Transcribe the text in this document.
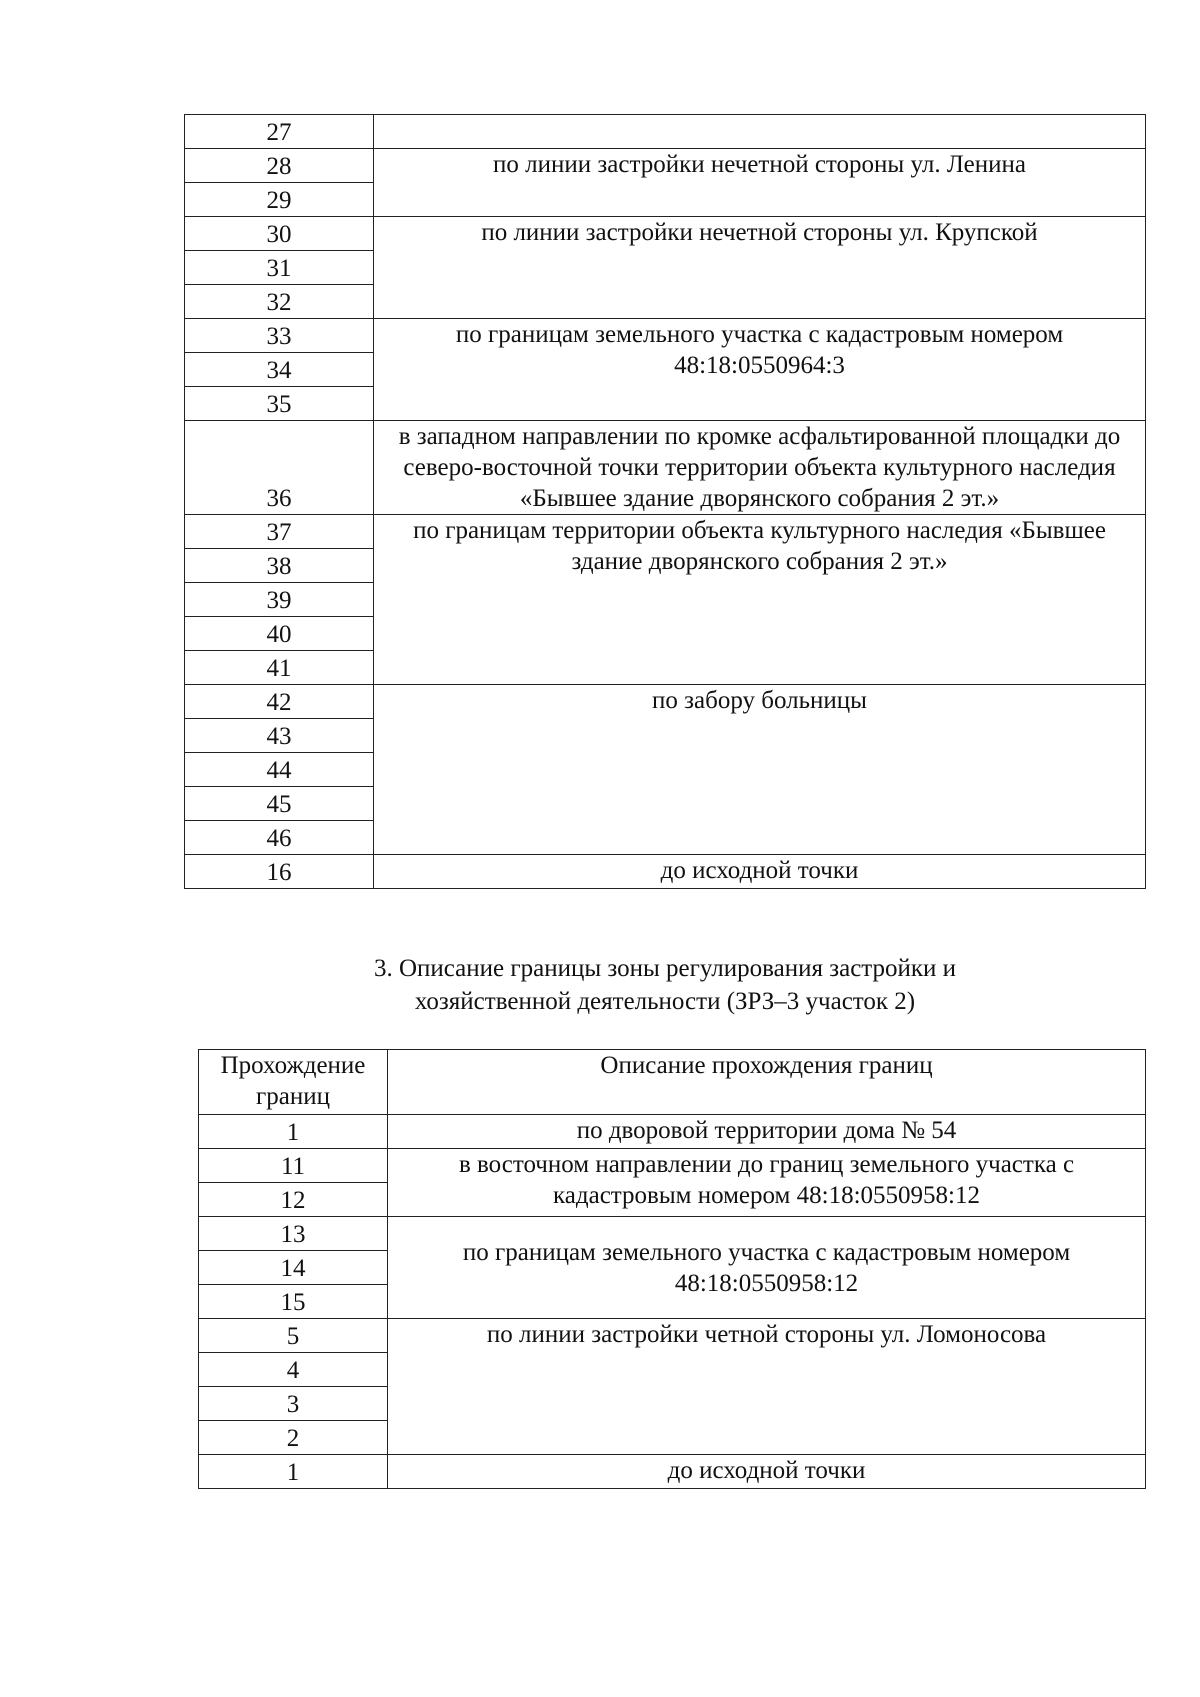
27	
28	по линии застройки нечетной стороны ул. Ленина
29	
30	по линии застройки нечетной стороны ул. Крупской
31	
32	
33	по границам земельного участка с кадастровым номером 48:18:0550964:3
34	
35	
36	в западном направлении по кромке асфальтированной площадки до северо-восточной точки территории объекта культурного наследия «Бывшее здание дворянского собрания 2 эт.»
37	по границам территории объекта культурного наследия «Бывшее здание дворянского собрания 2 эт.»
38	
39	
40	
41	
42	по забору больницы
43	
44	
45	
46	
16	до исходной точки
3. Описание границы зоны регулирования застройки и
хозяйственной деятельности (ЗРЗ–3 участок 2)
Прохождение границ	Описание прохождения границ
1	по дворовой территории дома № 54
11	в восточном направлении до границ земельного участка с кадастровым номером 48:18:0550958:12
12	
13	по границам земельного участка с кадастровым номером 48:18:0550958:12
14	
15	
5	по линии застройки четной стороны ул. Ломоносова
4	
3	
2	
1	до исходной точки
